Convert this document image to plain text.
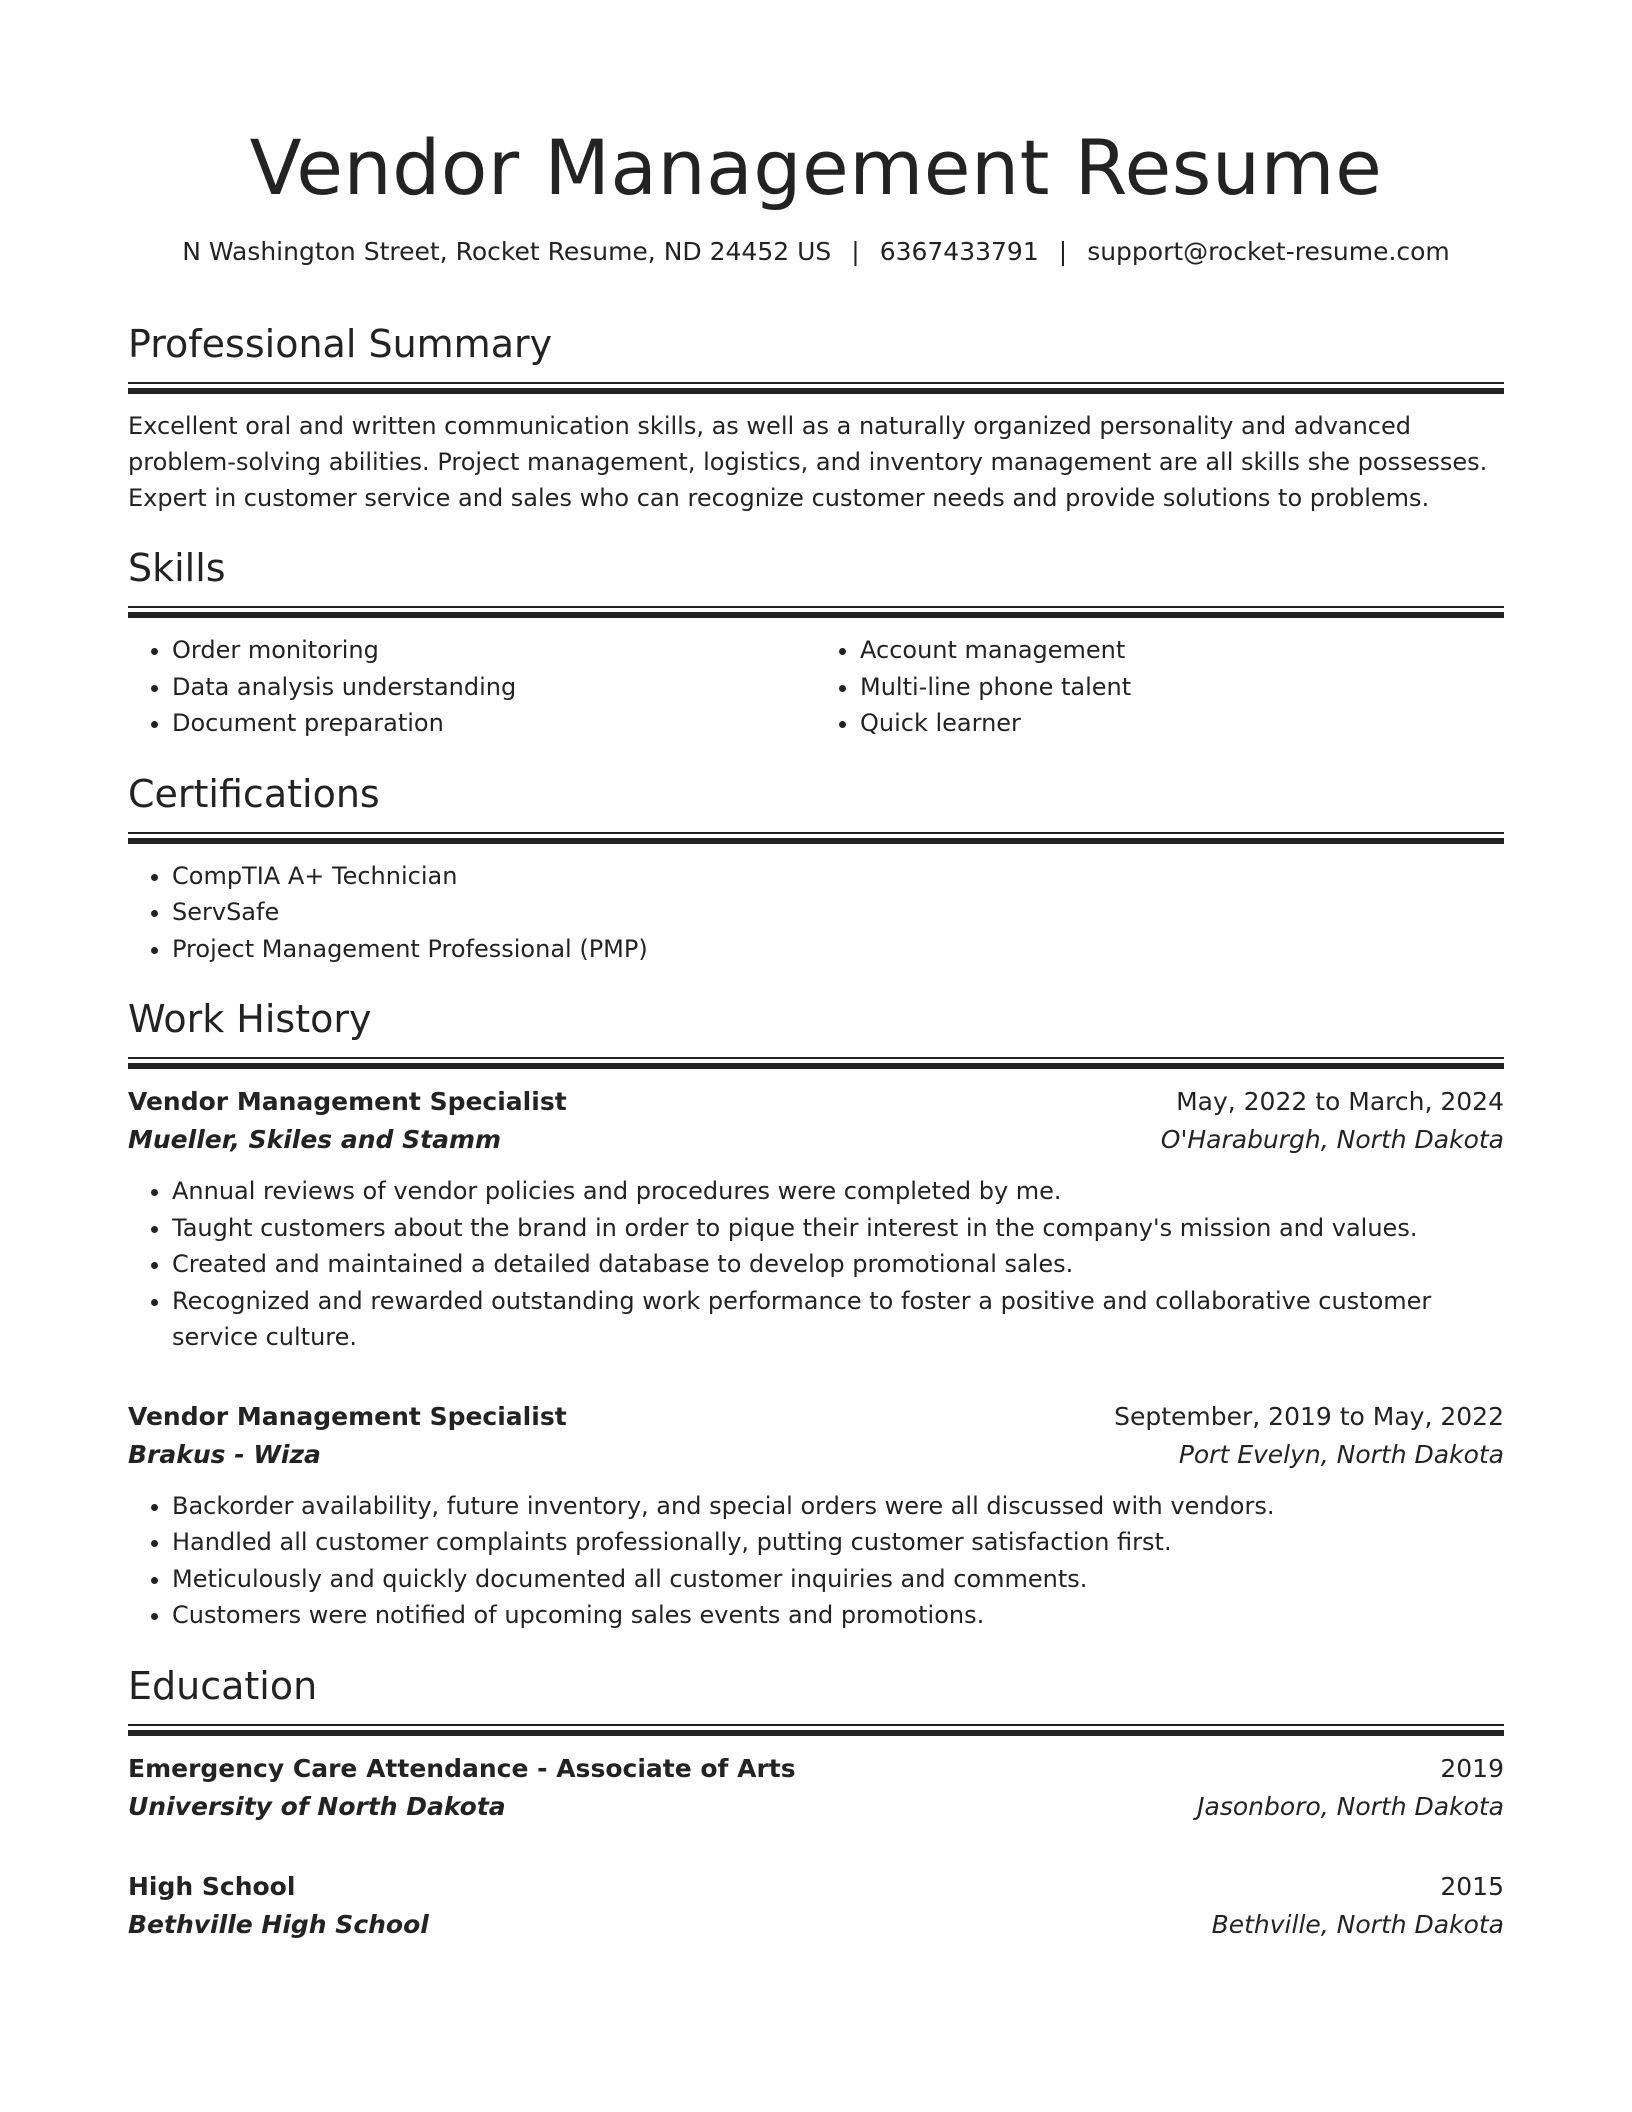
Vendor Management Resume
N Washington Street, Rocket Resume, ND 24452 US | 6367433791 | support@rocket-resume.com
Professional Summary

Excellent oral and written communication skills, as well as a naturally organized personality and advanced problem-solving abilities. Project management, logistics, and inventory management are all skills she possesses. Expert in customer service and sales who can recognize customer needs and provide solutions to problems.

Skills
• Order monitoring
• Data analysis understanding
• Document preparation
• Account management
• Multi-line phone talent
• Quick learner
Certifications
• CompTIA A+ Technician
• ServSafe
• Project Management Professional (PMP)
Work History
Vendor Management Specialist	May, 2022 to March, 2024
Mueller, Skiles and Stamm	O'Haraburgh, North Dakota
• Annual reviews of vendor policies and procedures were completed by me.
• Taught customers about the brand in order to pique their interest in the company's mission and values.
• Created and maintained a detailed database to develop promotional sales.
• Recognized and rewarded outstanding work performance to foster a positive and collaborative customer service culture.
Vendor Management Specialist	September, 2019 to May, 2022
Brakus - Wiza	Port Evelyn, North Dakota
• Backorder availability, future inventory, and special orders were all discussed with vendors.
• Handled all customer complaints professionally, putting customer satisfaction first.
• Meticulously and quickly documented all customer inquiries and comments.
• Customers were notified of upcoming sales events and promotions.
Education
Emergency Care Attendance - Associate of Arts	2019
University of North Dakota	Jasonboro, North Dakota
High School	2015
Bethville High School	Bethville, North Dakota
